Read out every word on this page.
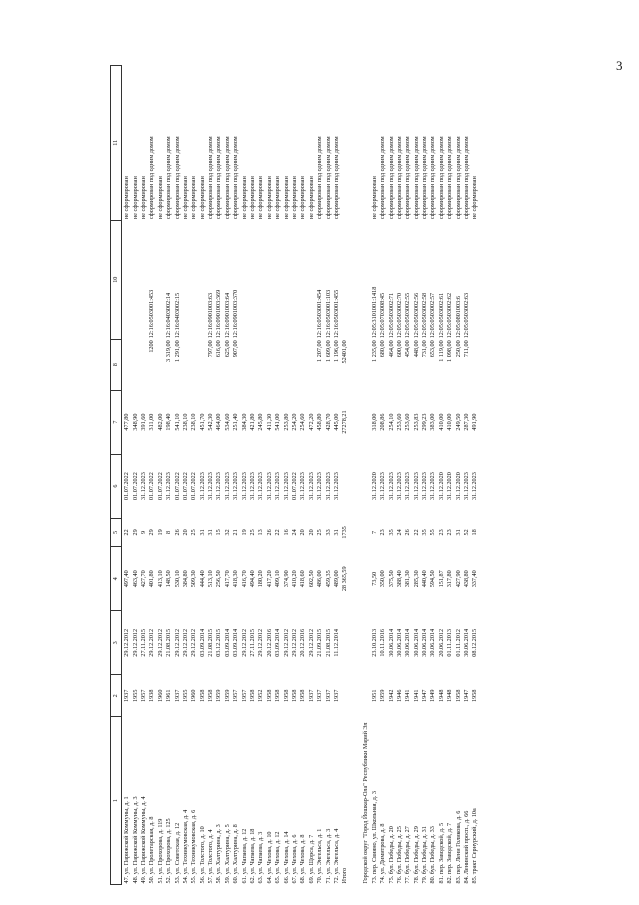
3
1	2	3	4	5	6	7	8	10	11
47. ул. Парижской Коммуны, д. 1	1937	29.12.2012	497,40	22	01.07.2022	477,80			не сформирован
48. ул. Парижской Коммуны, д. 3	1955	29.12.2012	463,40	29	01.07.2022	348,90			не сформирован
49. ул. Парижской Коммуны, д. 4	1957	27.11.2015	427,70	9	31.12.2023	391,60			не сформирован
50. ул. Пролетарская, д. 8	1938	29.12.2012	401,80	29	01.07.2022	311,00	1200	12:16:0503001:453	сформирован под одним домом
51. ул. Прохорова, д. 119	1960	29.12.2012	413,10	19	01.07.2022	482,00			не сформирован
52. ул. Прохорова, д. 125	1961	21.08.2015	148,50	8	31.12.2023	198,40	3 319,00	12:16:0403002:14	сформирован под одним домом
53. ул. Советская, д. 12	1937	29.12.2012	530,10	26	01.07.2022	541,10	1 291,00	12:16:0403002:15	сформирован под одним домом
54. ул. Техникумовская, д. 4	1955	29.12.2012	384,80	20	01.07.2022	238,10			не сформирован
55. ул. Техникумовская, д. 6	1960	29.12.2012	509,30	25	01.07.2022	238,10			не сформирован
56. ул. Толстого, д. 10	1958	03.09.2014	444,40	31	31.12.2023	451,70			не сформирован
57. ул. Толстого, д. 4	1958	21.08.2015	513,10	31	31.12.2023	542,30	797,00	12:16:0901003:63	сформирован под одним домом
58. ул. Халтурина, д. 3	1959	03.12.2015	256,50	15	31.12.2023	464,00	616,00	12:16:0901003:369	сформирован под одним домом
59. ул. Халтурина, д. 5	1959	03.09.2014	417,70	32	31.12.2023	534,60	625,00	12:16:0901003:64	сформирован под одним домом
60. ул. Халтурина, д. 8	1957	03.09.2014	418,30	21	31.12.2023	251,40	907,00	12:16:0901003:370	сформирован под одним домом
61. ул. Чапаева, д. 12	1957	29.12.2012	416,70	19	31.12.2023	384,30			не сформирован
62. ул. Чапаева, д. 18	1958	27.11.2015	494,40	25	31.12.2023	421,80			не сформирован
63. ул. Чапаева, д. 3	1952	29.12.2012	180,20	13	31.12.2023	245,80			не сформирован
64. ул. Чехова, д. 10	1958	20.12.2016	417,20	26	31.12.2023	411,30			не сформирован
65. ул. Чехова, д. 12	1958	03.09.2014	409,10	22	31.12.2023	541,00			не сформирован
66. ул. Чехова, д. 14	1958	29.12.2012	374,90	16	31.12.2023	253,80			не сформирован
67. ул. Чехова, д. 6	1958	29.12.2012	410,20	24	01.07.2022	254,20			не сформирован
68. ул. Чехова, д. 8	1958	20.12.2016	418,60	20	31.12.2023	254,60			не сформирован
69. ул. Щорса, д. 7	1937	29.12.2012	602,50	20	31.12.2023	472,20			не сформирован
70. ул. Энгельса, д. 1	1937	21.09.2015	486,00	25	31.12.2023	458,80	1 207,00	12:16:0503001:454	сформирован под одним домом
71. ул. Энгельса, д. 3	1937	21.08.2015	459,35	33	31.12.2023	428,70	1 609,00	12:16:0503001:103	сформирован под одним домом
72. ул. Энгельса, д. 4	1937	11.12.2014	489,00	31	31.12.2023	445,00	1 196,00	12:16:0503001:455	сформирован под одним домом
Итого			28 365,59	1735		27278,21	52401,00		

Городской округ "Город Йошкар-Ола" Республики Марий Эл									
73. пер. Свияно, ул. Школьная, д. 3	1951	23.10.2013	73,50	7	31.12.2020	318,00	1 235,00	12:05:3101001:1418	не сформирован
74. ул. Димитрова, д. 8	1959	10.11.2016	350,00	23	31.12.2023	208,86	680,00	12:05:0703008:45	сформирован под одним домом
75. бул. Победы, д. 20	1942	30.06.2014	375,50	35	31.12.2023	254,10	464,00	12:05:0503002:71	сформирован под одним домом
76. бул. Победы, д. 25	1946	30.06.2014	388,40	24	31.12.2023	253,60	600,00	12:05:0503002:70	сформирован под одним домом
77. бул. Победы, д. 27	1941	30.06.2014	381,30	26	31.12.2023	253,60	454,00	12:05:0503002:55	сформирован под одним домом
78. бул. Победы, д. 29	1941	30.06.2014	285,30	22	31.12.2023	253,83	448,00	12:05:0503002:56	сформирован под одним домом
79. бул. Победы, д. 31	1947	30.06.2014	440,40	35	31.12.2023	299,23	731,00	12:05:0503002:58	сформирован под одним домом
80. бул. Победы, д. 33	1949	30.06.2014	594,50	55	31.12.2023	383,00	653,00	12:05:0503002:57	сформирован под одним домом
81. пер. Заводской, д. 5	1948	20.06.2012	151,87	23	31.12.2020	410,00	1 119,00	12:05:0503002:61	сформирован под одним домом
82. пер. Заводской, д. 7	1948	01.11.2013	317,80	23	31.12.2020	410,00	1 098,00	12:05:0503002:62	сформирован под одним домом
83. пер. Лени Голикова, д. 6	1958	01.11.2012	427,90	31	31.12.2020	249,50	250,00	12:05:0801003:6	сформирован под одним домом
84. Ленинский просп., д. 66	1947	30.06.2014	438,80	52	31.12.2023	287,30	711,00	12:05:0503002:63	сформирован под одним домом
85. тракт Сернурский, д. 10а	1958	08.12.2015	337,40	18	31.12.2023	491,90			не сформирован
